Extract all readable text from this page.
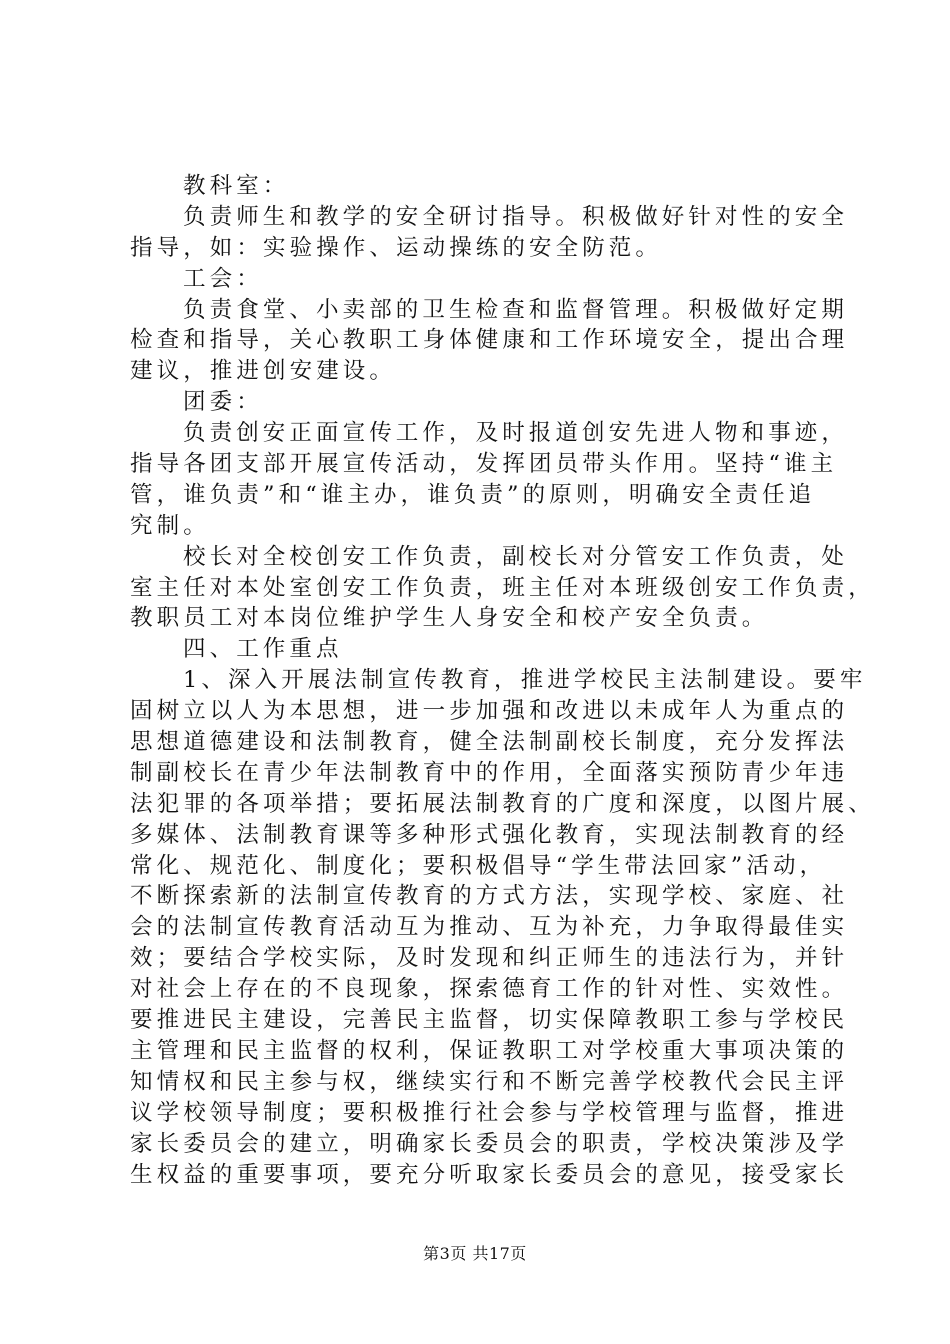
教科室：
负责师生和教学的安全研讨指导。积极做好针对性的安全
指导，如：实验操作、运动操练的安全防范。
工会：
负责食堂、小卖部的卫生检查和监督管理。积极做好定期
检查和指导，关心教职工身体健康和工作环境安全，提出合理
建议，推进创安建设。
团委：
负责创安正面宣传工作，及时报道创安先进人物和事迹，
指导各团支部开展宣传活动，发挥团员带头作用。坚持“谁主
管，谁负责”和“谁主办，谁负责”的原则，明确安全责任追
究制。
校长对全校创安工作负责，副校长对分管安工作负责，处
室主任对本处室创安工作负责，班主任对本班级创安工作负责，
教职员工对本岗位维护学生人身安全和校产安全负责。
四、工作重点
1、深入开展法制宣传教育，推进学校民主法制建设。要牢
固树立以人为本思想，进一步加强和改进以未成年人为重点的
思想道德建设和法制教育，健全法制副校长制度，充分发挥法
制副校长在青少年法制教育中的作用，全面落实预防青少年违
法犯罪的各项举措；要拓展法制教育的广度和深度，以图片展、
多媒体、法制教育课等多种形式强化教育，实现法制教育的经
常化、规范化、制度化；要积极倡导“学生带法回家”活动，
不断探索新的法制宣传教育的方式方法，实现学校、家庭、社
会的法制宣传教育活动互为推动、互为补充，力争取得最佳实
效；要结合学校实际，及时发现和纠正师生的违法行为，并针
对社会上存在的不良现象，探索德育工作的针对性、实效性。
要推进民主建设，完善民主监督，切实保障教职工参与学校民
主管理和民主监督的权利，保证教职工对学校重大事项决策的
知情权和民主参与权，继续实行和不断完善学校教代会民主评
议学校领导制度；要积极推行社会参与学校管理与监督，推进
家长委员会的建立，明确家长委员会的职责，学校决策涉及学
生权益的重要事项，要充分听取家长委员会的意见，接受家长
第3页 共17页
